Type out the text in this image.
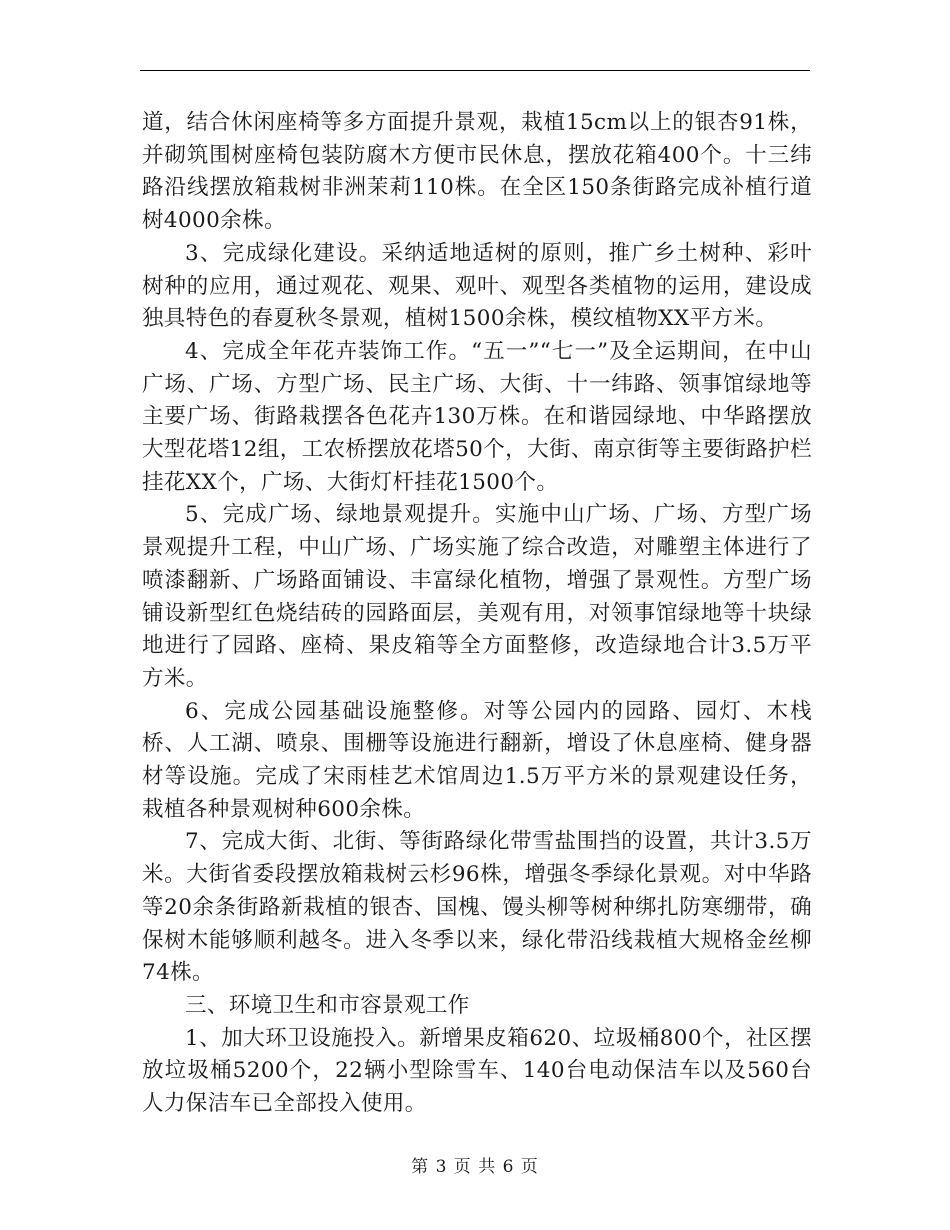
道，结合休闲座椅等多方面提升景观，栽植15cm以上的银杏91株，并砌筑围树座椅包装防腐木方便市民休息，摆放花箱400个。十三纬路沿线摆放箱栽树非洲茉莉110株。在全区150条街路完成补植行道树4000余株。

3、完成绿化建设。采纳适地适树的原则，推广乡土树种、彩叶树种的应用，通过观花、观果、观叶、观型各类植物的运用，建设成独具特色的春夏秋冬景观，植树1500余株，模纹植物XX平方米。

4、完成全年花卉装饰工作。“五一”“七一”及全运期间，在中山广场、广场、方型广场、民主广场、大街、十一纬路、领事馆绿地等主要广场、街路栽摆各色花卉130万株。在和谐园绿地、中华路摆放大型花塔12组，工农桥摆放花塔50个，大街、南京街等主要街路护栏挂花XX个，广场、大街灯杆挂花1500个。

5、完成广场、绿地景观提升。实施中山广场、广场、方型广场景观提升工程，中山广场、广场实施了综合改造，对雕塑主体进行了喷漆翻新、广场路面铺设、丰富绿化植物，增强了景观性。方型广场铺设新型红色烧结砖的园路面层，美观有用，对领事馆绿地等十块绿地进行了园路、座椅、果皮箱等全方面整修，改造绿地合计3.5万平方米。

6、完成公园基础设施整修。对等公园内的园路、园灯、木栈桥、人工湖、喷泉、围栅等设施进行翻新，增设了休息座椅、健身器材等设施。完成了宋雨桂艺术馆周边1.5万平方米的景观建设任务，栽植各种景观树种600余株。

7、完成大街、北街、等街路绿化带雪盐围挡的设置，共计3.5万米。大街省委段摆放箱栽树云杉96株，增强冬季绿化景观。对中华路等20余条街路新栽植的银杏、国槐、馒头柳等树种绑扎防寒绷带，确保树木能够顺利越冬。进入冬季以来，绿化带沿线栽植大规格金丝柳74株。

三、环境卫生和市容景观工作

1、加大环卫设施投入。新增果皮箱620、垃圾桶800个，社区摆放垃圾桶5200个，22辆小型除雪车、140台电动保洁车以及560台人力保洁车已全部投入使用。

第 3 页 共 6 页
